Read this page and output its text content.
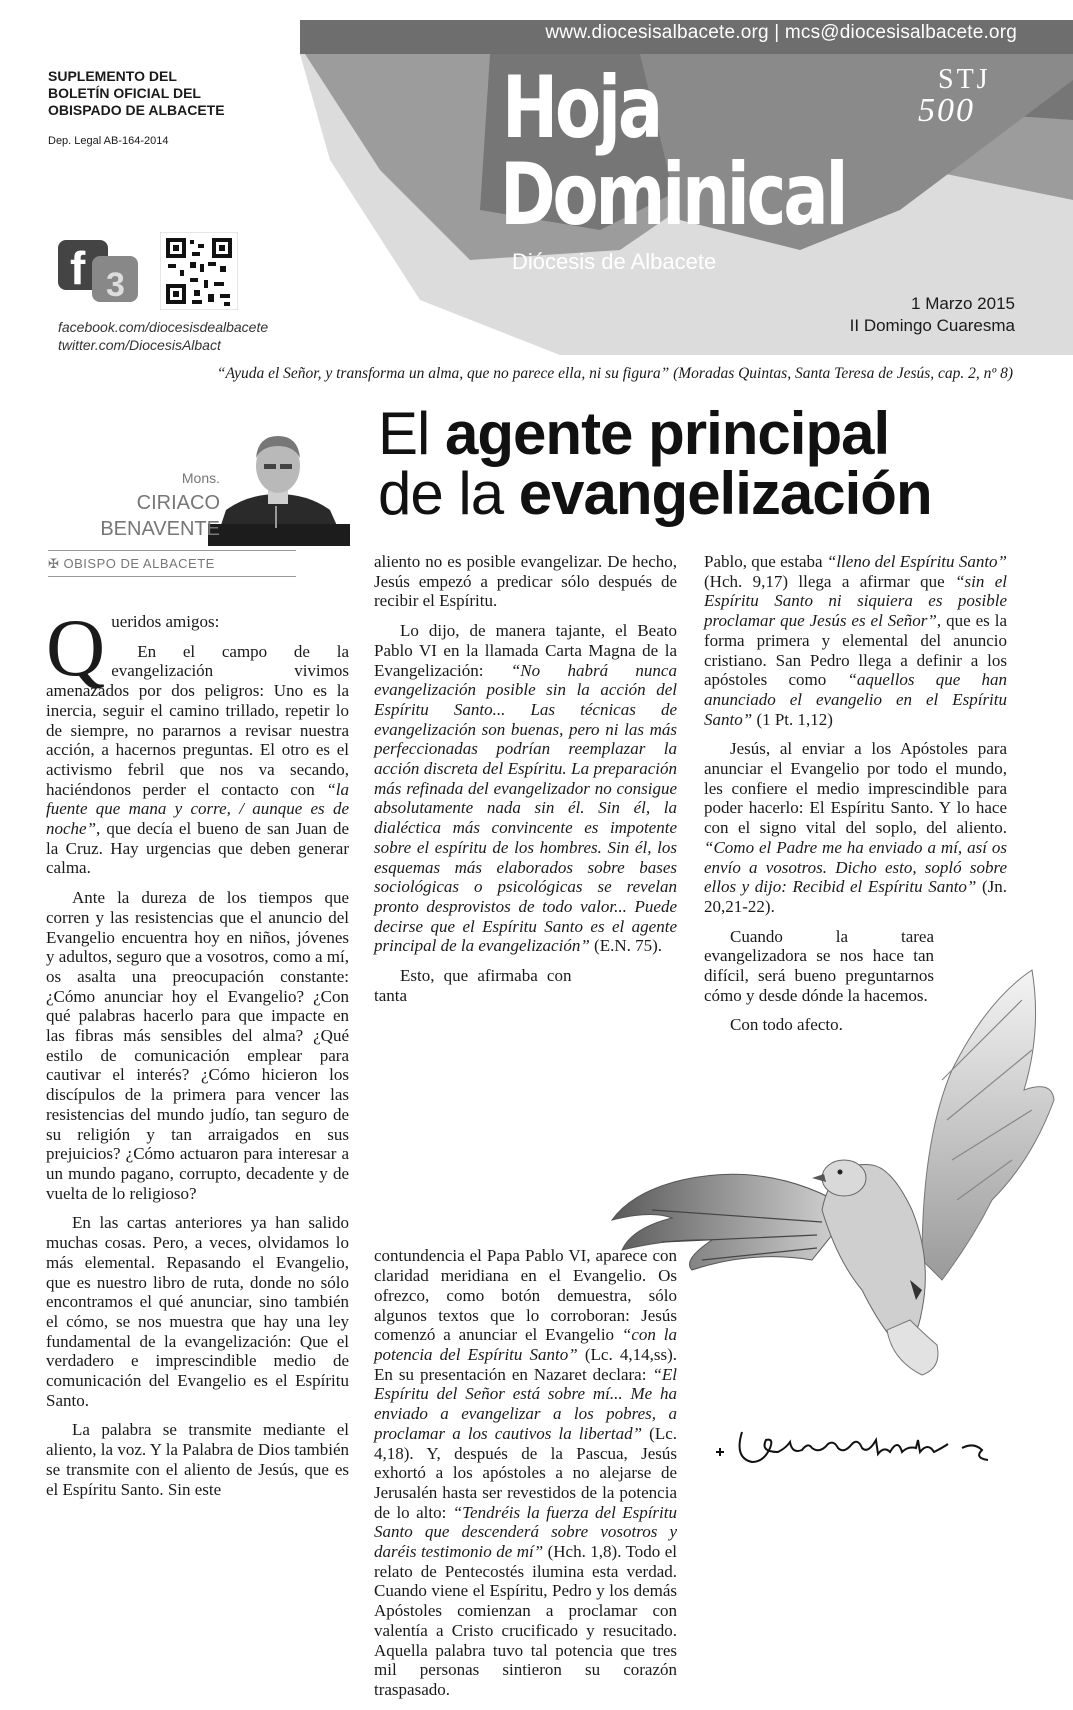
www.diocesisalbacete.org | mcs@diocesisalbacete.org
SUPLEMENTO DEL
BOLETÍN OFICIAL DEL
OBISPADO DE ALBACETE
Dep. Legal AB-164-2014	Hoja
Dominical
Diócesis de Albacete
STJ
500
f 3
facebook.com/diocesisdealbacete
twitter.com/DiocesisAlbact
1 Marzo 2015
II Domingo Cuaresma
“Ayuda el Señor, y transforma un alma, que no parece ella, ni su figura” (Moradas Quintas, Santa Teresa de Jesús, cap. 2, nº 8)
El agente principal
de la evangelización
Mons.
CIRIACO
BENAVENTE
✠ OBISPO DE ALBACETE
Q ueridos amigos:

En el campo de la evangelización vivimos amenazados por dos peligros: Uno es la inercia, seguir el camino trillado, repetir lo de siempre, no pararnos a revisar nuestra acción, a hacernos preguntas. El otro es el activismo febril que nos va secando, haciéndonos perder el contacto con “la fuente que mana y corre, / aunque es de noche”, que decía el bueno de san Juan de la Cruz. Hay urgencias que deben generar calma.

Ante la dureza de los tiempos que corren y las resistencias que el anuncio del Evangelio encuentra hoy en niños, jóvenes y adultos, seguro que a vosotros, como a mí, os asalta una preocupación constante: ¿Cómo anunciar hoy el Evangelio? ¿Con qué palabras hacerlo para que impacte en las fibras más sensibles del alma? ¿Qué estilo de comunicación emplear para cautivar el interés? ¿Cómo hicieron los discípulos de la primera para vencer las resistencias del mundo judío, tan seguro de su religión y tan arraigados en sus prejuicios? ¿Cómo actuaron para interesar a un mundo pagano, corrupto, decadente y de vuelta de lo religioso?

En las cartas anteriores ya han salido muchas cosas. Pero, a veces, olvidamos lo más elemental. Repasando el Evangelio, que es nuestro libro de ruta, donde no sólo encontramos el qué anunciar, sino también el cómo, se nos muestra que hay una ley fundamental de la evangelización: Que el verdadero e imprescindible medio de comunicación del Evangelio es el Espíritu Santo.

La palabra se transmite mediante el aliento, la voz. Y la Palabra de Dios también se transmite con el aliento de Jesús, que es el Espíritu Santo. Sin este

aliento no es posible evangelizar. De hecho, Jesús empezó a predicar sólo después de recibir el Espíritu.

Lo dijo, de manera tajante, el Beato Pablo VI en la llamada Carta Magna de la Evangelización: “No habrá nunca evangelización posible sin la acción del Espíritu Santo... Las técnicas de evangelización son buenas, pero ni las más perfeccionadas podrían reemplazar la acción discreta del Espíritu. La preparación más refinada del evangelizador no consigue absolutamente nada sin él. Sin él, la dialéctica más convincente es impotente sobre el espíritu de los hombres. Sin él, los esquemas más elaborados sobre bases sociológicas o psicológicas se revelan pronto desprovistos de todo valor... Puede decirse que el Espíritu Santo es el agente principal de la evangelización” (E.N. 75).

Esto, que afirmaba con tanta contundencia el Papa Pablo VI, aparece con claridad meridiana en el Evangelio. Os ofrezco, como botón demuestra, sólo algunos textos que lo corroboran: Jesús comenzó a anunciar el Evangelio “con la potencia del Espíritu Santo” (Lc. 4,14,ss). En su presentación en Nazaret declara: “El Espíritu del Señor está sobre mí... Me ha enviado a evangelizar a los pobres, a proclamar a los cautivos la libertad” (Lc. 4,18). Y, después de la Pascua, Jesús exhortó a los apóstoles a no alejarse de Jerusalén hasta ser revestidos de la potencia de lo alto: “Tendréis la fuerza del Espíritu Santo que descenderá sobre vosotros y daréis testimonio de mí” (Hch. 1,8). Todo el relato de Pentecostés ilumina esta verdad. Cuando viene el Espíritu, Pedro y los demás Apóstoles comienzan a proclamar con valentía a Cristo crucificado y resucitado. Aquella palabra tuvo tal potencia que tres mil personas sintieron su corazón traspasado.

Pablo, que estaba “lleno del Espíritu Santo” (Hch. 9,17) llega a afirmar que “sin el Espíritu Santo ni siquiera es posible proclamar que Jesús es el Señor”, que es la forma primera y elemental del anuncio cristiano. San Pedro llega a definir a los apóstoles como “aquellos que han anunciado el evangelio en el Espíritu Santo” (1 Pt. 1,12)

Jesús, al enviar a los Apóstoles para anunciar el Evangelio por todo el mundo, les confiere el medio imprescindible para poder hacerlo: El Espíritu Santo. Y lo hace con el signo vital del soplo, del aliento. “Como el Padre me ha enviado a mí, así os envío a vosotros. Dicho esto, sopló sobre ellos y dijo: Recibid el Espíritu Santo” (Jn. 20,21-22).

Cuando la tarea evangelizadora se nos hace tan difícil, será bueno preguntarnos cómo y desde dónde la hacemos.

Con todo afecto.
